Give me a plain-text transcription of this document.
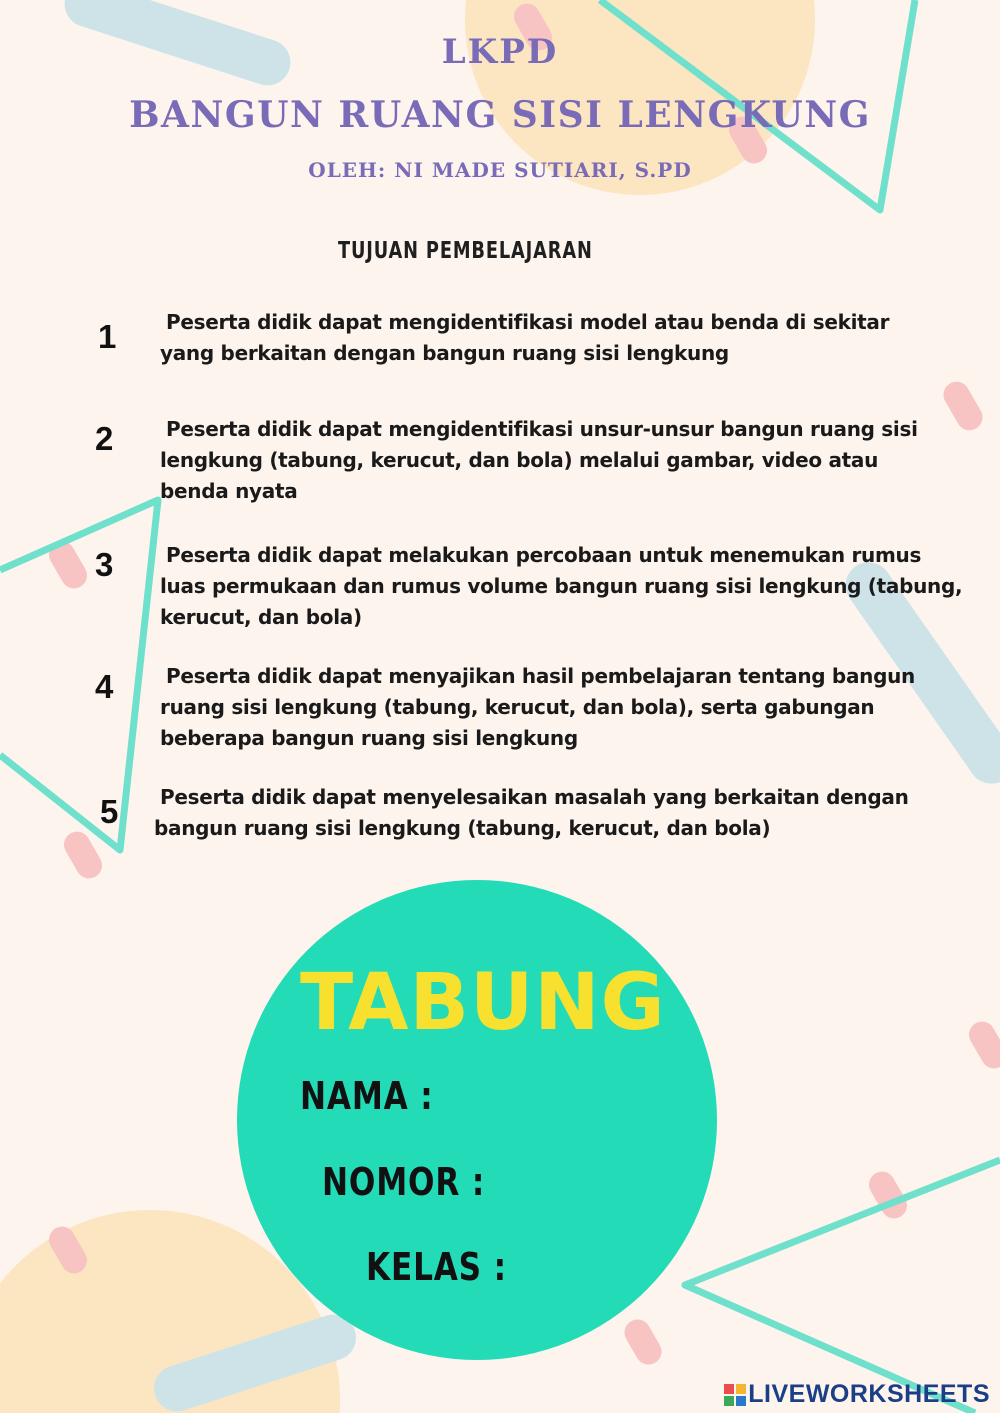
LKPD
BANGUN RUANG SISI LENGKUNG
OLEH: NI MADE SUTIARI, S.PD
TUJUAN PEMBELAJARAN
1	Peserta didik dapat mengidentifikasi model atau benda di sekitar
yang berkaitan dengan bangun ruang sisi lengkung
2	Peserta didik dapat mengidentifikasi unsur-unsur bangun ruang sisi
lengkung (tabung, kerucut, dan bola) melalui gambar, video atau
benda nyata
3	Peserta didik dapat melakukan percobaan untuk menemukan rumus
luas permukaan dan rumus volume bangun ruang sisi lengkung (tabung,
kerucut, dan bola)
4	Peserta didik dapat menyajikan hasil pembelajaran tentang bangun
ruang sisi lengkung (tabung, kerucut, dan bola), serta gabungan
beberapa bangun ruang sisi lengkung
5	Peserta didik dapat menyelesaikan masalah yang berkaitan dengan
bangun ruang sisi lengkung (tabung, kerucut, dan bola)
TABUNG
NAMA :
NOMOR :
KELAS :
LIVEWORKSHEETS
